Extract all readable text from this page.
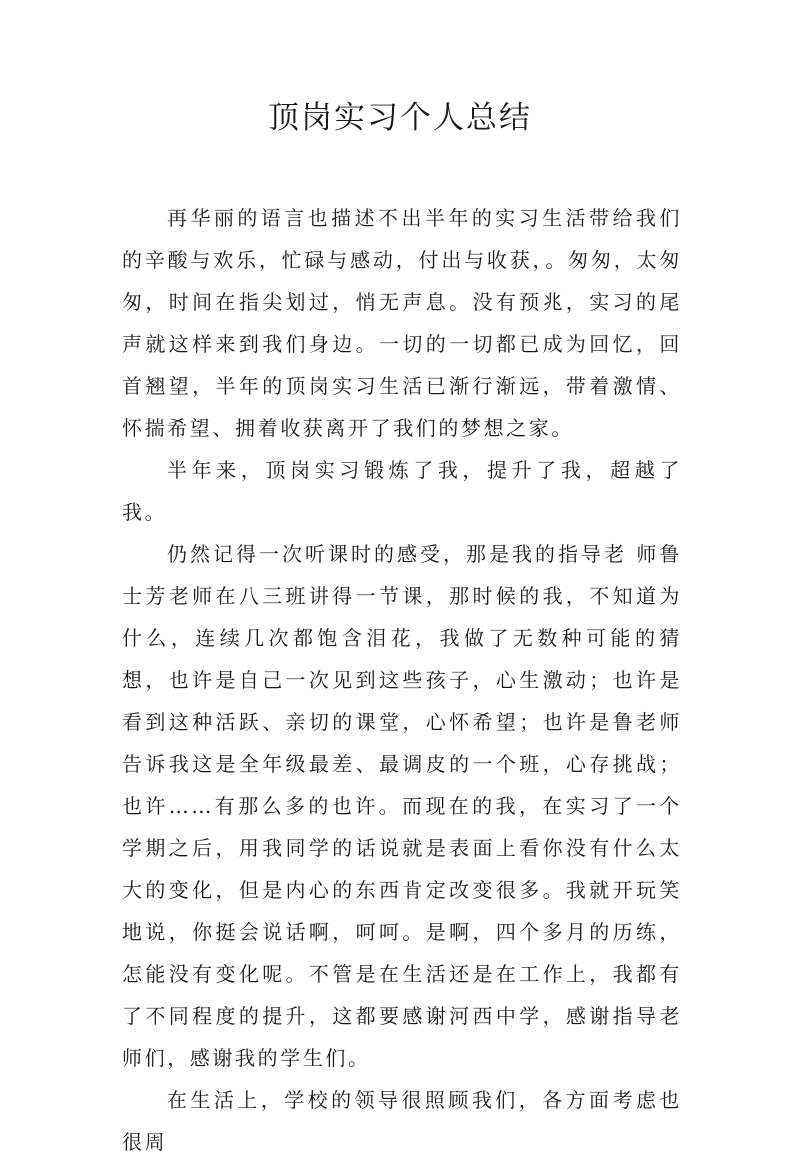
顶岗实习个人总结

再华丽的语言也描述不出半年的实习生活带给我们的辛酸与欢乐，忙碌与感动，付出与收获，。匆匆，太匆匆，时间在指尖划过，悄无声息。没有预兆，实习的尾声就这样来到我们身边。一切的一切都已成为回忆，回首翘望，半年的顶岗实习生活已渐行渐远，带着激情、怀揣希望、拥着收获离开了我们的梦想之家。

半年来，顶岗实习锻炼了我，提升了我，超越了我。

仍然记得一次听课时的感受，那是我的指导老 师鲁士芳老师在八三班讲得一节课，那时候的我，不知道为什么，连续几次都饱含泪花，我做了无数种可能的猜想，也许是自己一次见到这些孩子，心生激动；也许是看到这种活跃、亲切的课堂，心怀希望；也许是鲁老师告诉我这是全年级最差、最调皮的一个班，心存挑战；也许……有那么多的也许。而现在的我，在实习了一个学期之后，用我同学的话说就是表面上看你没有什么太大的变化，但是内心的东西肯定改变很多。我就开玩笑地说，你挺会说话啊，呵呵。是啊，四个多月的历练，怎能没有变化呢。不管是在生活还是在工作上，我都有了不同程度的提升，这都要感谢河西中学，感谢指导老师们，感谢我的学生们。

在生活上，学校的领导很照顾我们，各方面考虑也很周
